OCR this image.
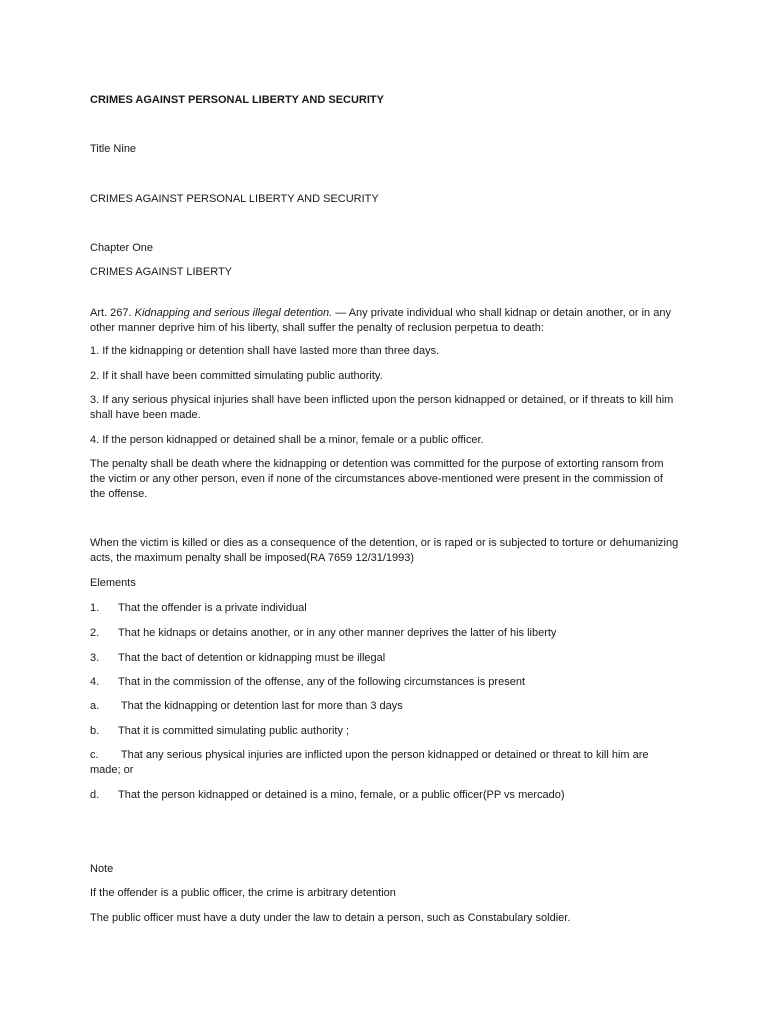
CRIMES AGAINST PERSONAL LIBERTY AND SECURITY

Title Nine

CRIMES AGAINST PERSONAL LIBERTY AND SECURITY

Chapter One

CRIMES AGAINST LIBERTY

Art. 267. Kidnapping and serious illegal detention. — Any private individual who shall kidnap or detain another, or in any other manner deprive him of his liberty, shall suffer the penalty of reclusion perpetua to death:

1. If the kidnapping or detention shall have lasted more than three days.

2. If it shall have been committed simulating public authority.

3. If any serious physical injuries shall have been inflicted upon the person kidnapped or detained, or if threats to kill him shall have been made.

4. If the person kidnapped or detained shall be a minor, female or a public officer.

The penalty shall be death where the kidnapping or detention was committed for the purpose of extorting ransom from the victim or any other person, even if none of the circumstances above-mentioned were present in the commission of the offense.

When the victim is killed or dies as a consequence of the detention, or is raped or is subjected to torture or dehumanizing acts, the maximum penalty shall be imposed(RA 7659 12/31/1993)

Elements

1. That the offender is a private individual

2. That he kidnaps or detains another, or in any other manner deprives the latter of his liberty

3. That the bact of detention or kidnapping must be illegal

4. That in the commission of the offense, any of the following circumstances is present

a. That the kidnapping or detention last for more than 3 days

b. That it is committed simulating public authority ;

c. That any serious physical injuries are inflicted upon the person kidnapped or detained or threat to kill him are made; or

d. That the person kidnapped or detained is a mino, female, or a public officer(PP vs mercado)

Note

If the offender is a public officer, the crime is arbitrary detention

The public officer must have a duty under the law to detain a person, such as Constabulary soldier.
